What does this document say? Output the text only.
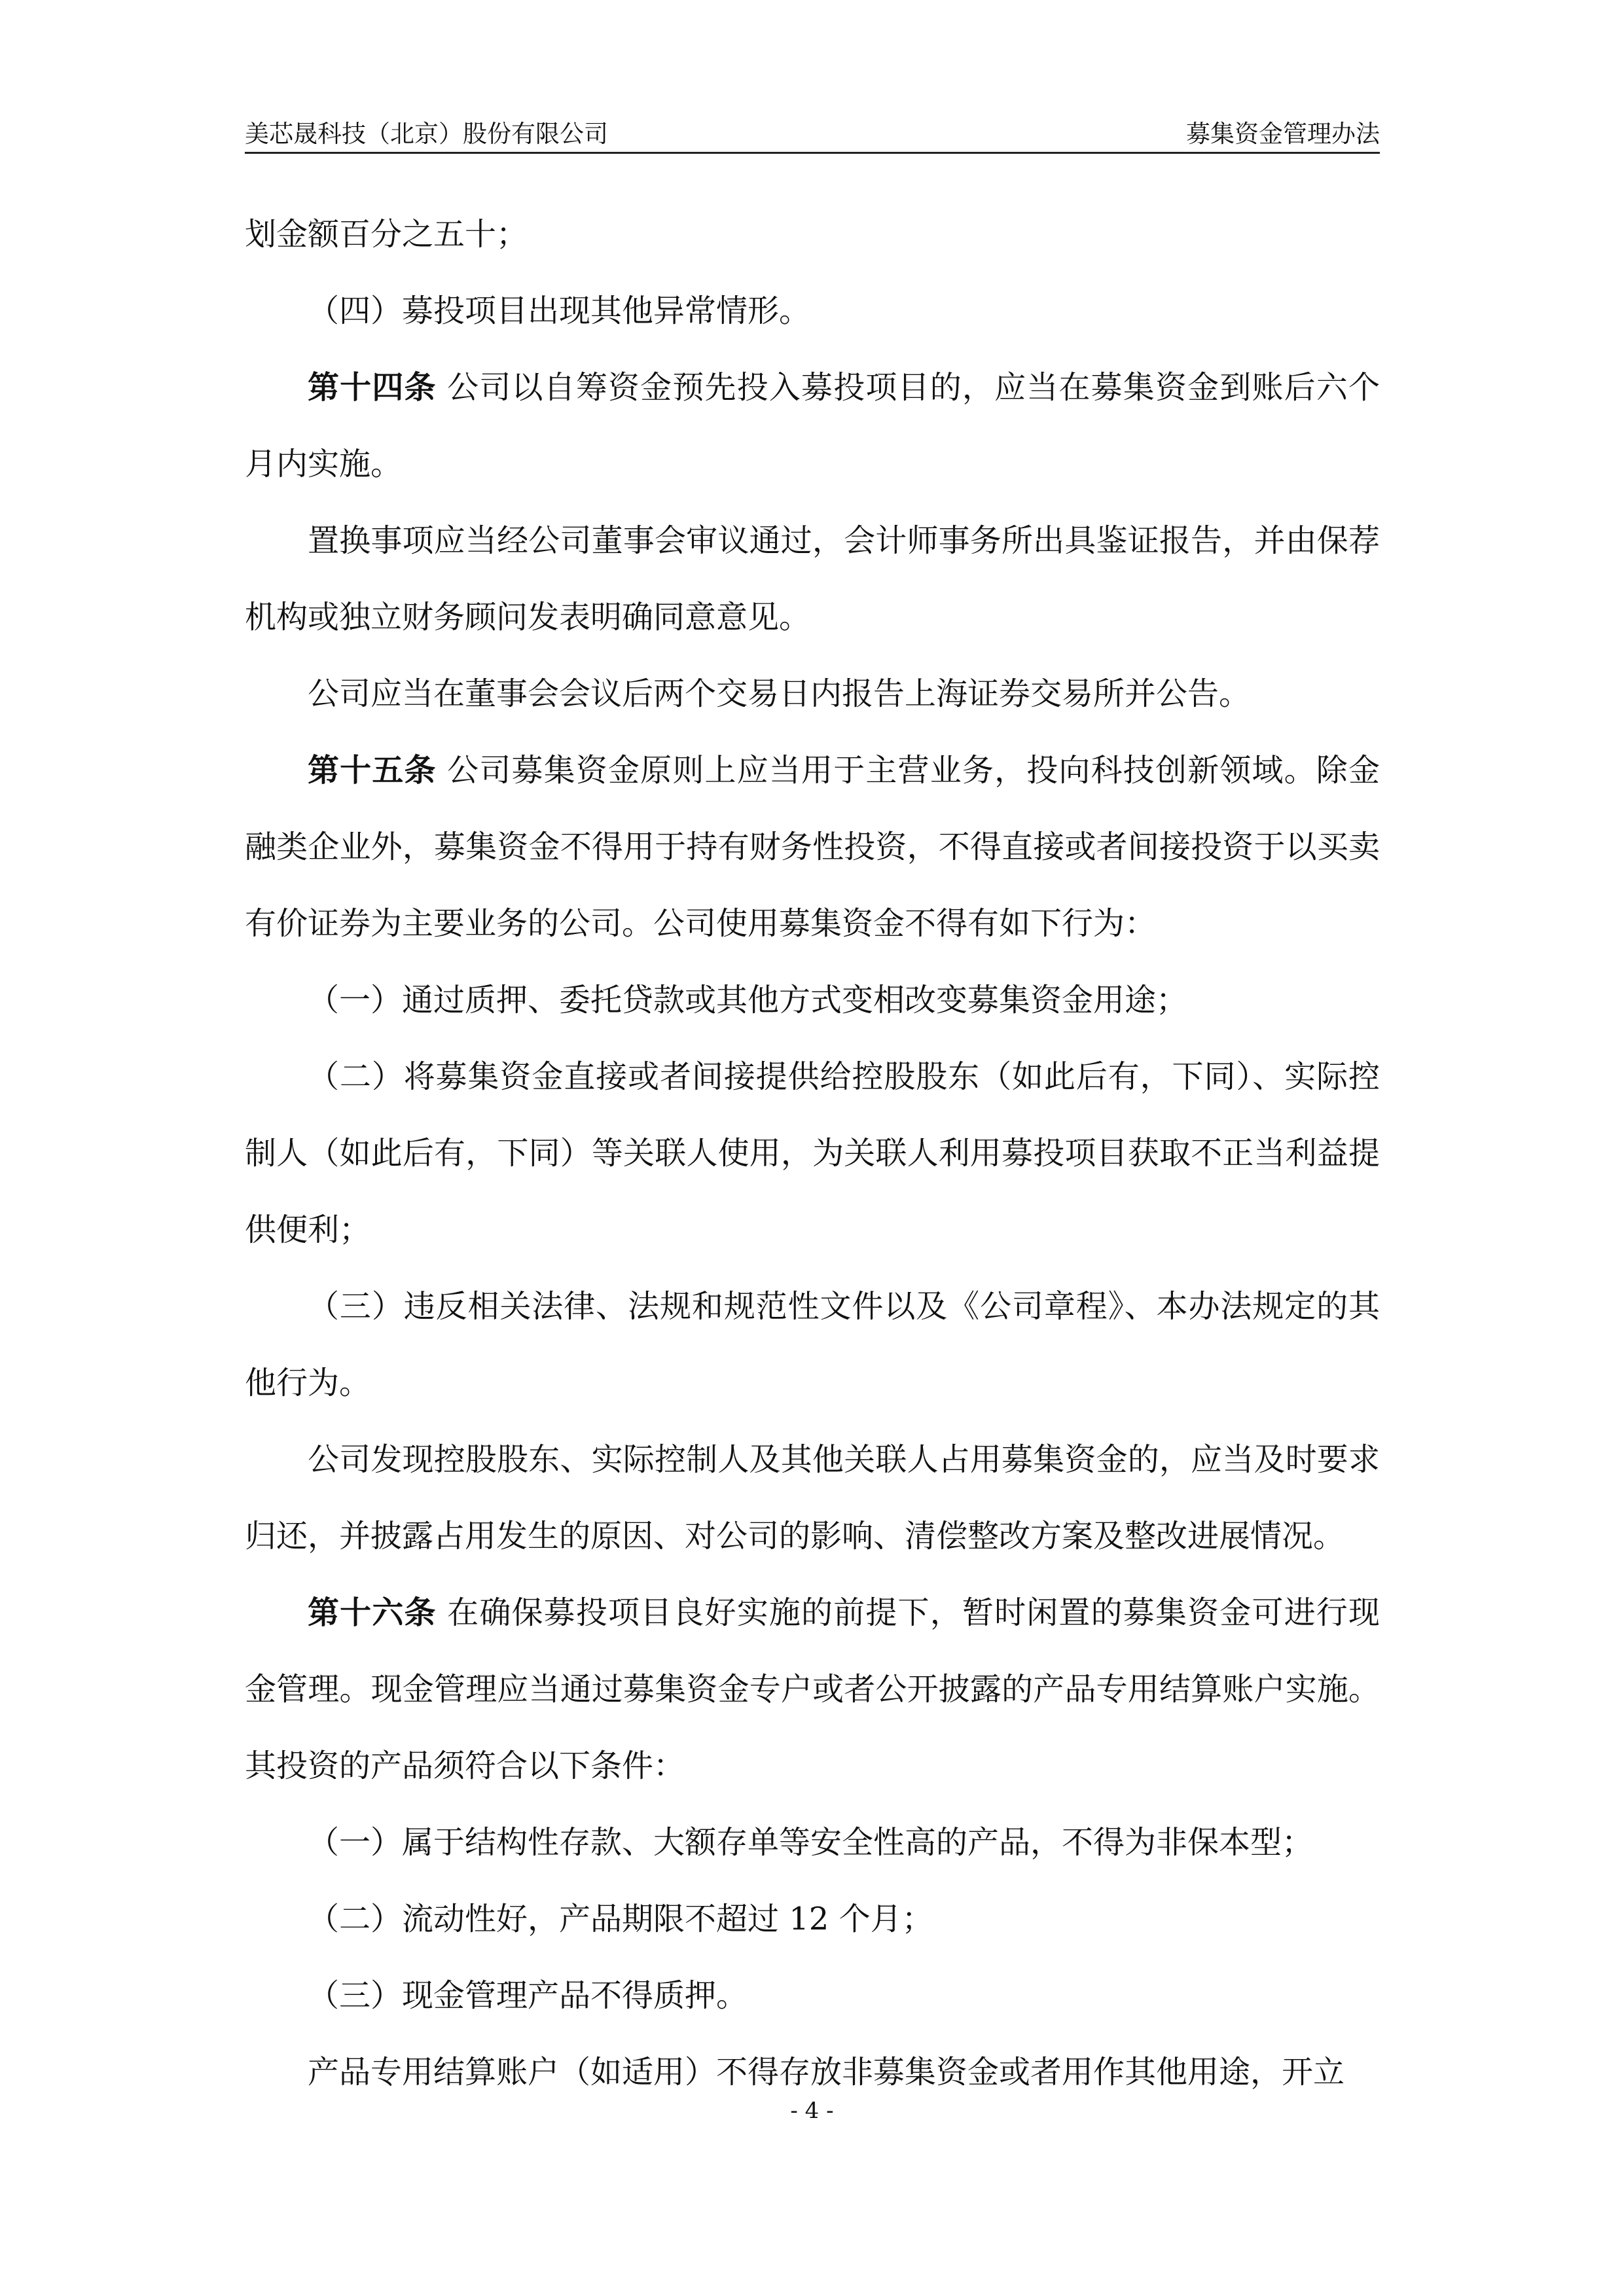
美芯晟科技（北京）股份有限公司	募集资金管理办法

划金额百分之五十；

（四）募投项目出现其他异常情形。

第十四条 公司以自筹资金预先投入募投项目的，应当在募集资金到账后六个月内实施。

置换事项应当经公司董事会审议通过，会计师事务所出具鉴证报告，并由保荐机构或独立财务顾问发表明确同意意见。

公司应当在董事会会议后两个交易日内报告上海证券交易所并公告。

第十五条 公司募集资金原则上应当用于主营业务，投向科技创新领域。除金融类企业外，募集资金不得用于持有财务性投资，不得直接或者间接投资于以买卖有价证券为主要业务的公司。公司使用募集资金不得有如下行为：

（一）通过质押、委托贷款或其他方式变相改变募集资金用途；

（二）将募集资金直接或者间接提供给控股股东（如此后有，下同）、实际控制人（如此后有，下同）等关联人使用，为关联人利用募投项目获取不正当利益提供便利；

（三）违反相关法律、法规和规范性文件以及《公司章程》、本办法规定的其他行为。

公司发现控股股东、实际控制人及其他关联人占用募集资金的，应当及时要求归还，并披露占用发生的原因、对公司的影响、清偿整改方案及整改进展情况。

第十六条 在确保募投项目良好实施的前提下，暂时闲置的募集资金可进行现金管理。现金管理应当通过募集资金专户或者公开披露的产品专用结算账户实施。其投资的产品须符合以下条件：

（一）属于结构性存款、大额存单等安全性高的产品，不得为非保本型；

（二）流动性好，产品期限不超过 12 个月；

（三）现金管理产品不得质押。

产品专用结算账户（如适用）不得存放非募集资金或者用作其他用途，开立

- 4 -
